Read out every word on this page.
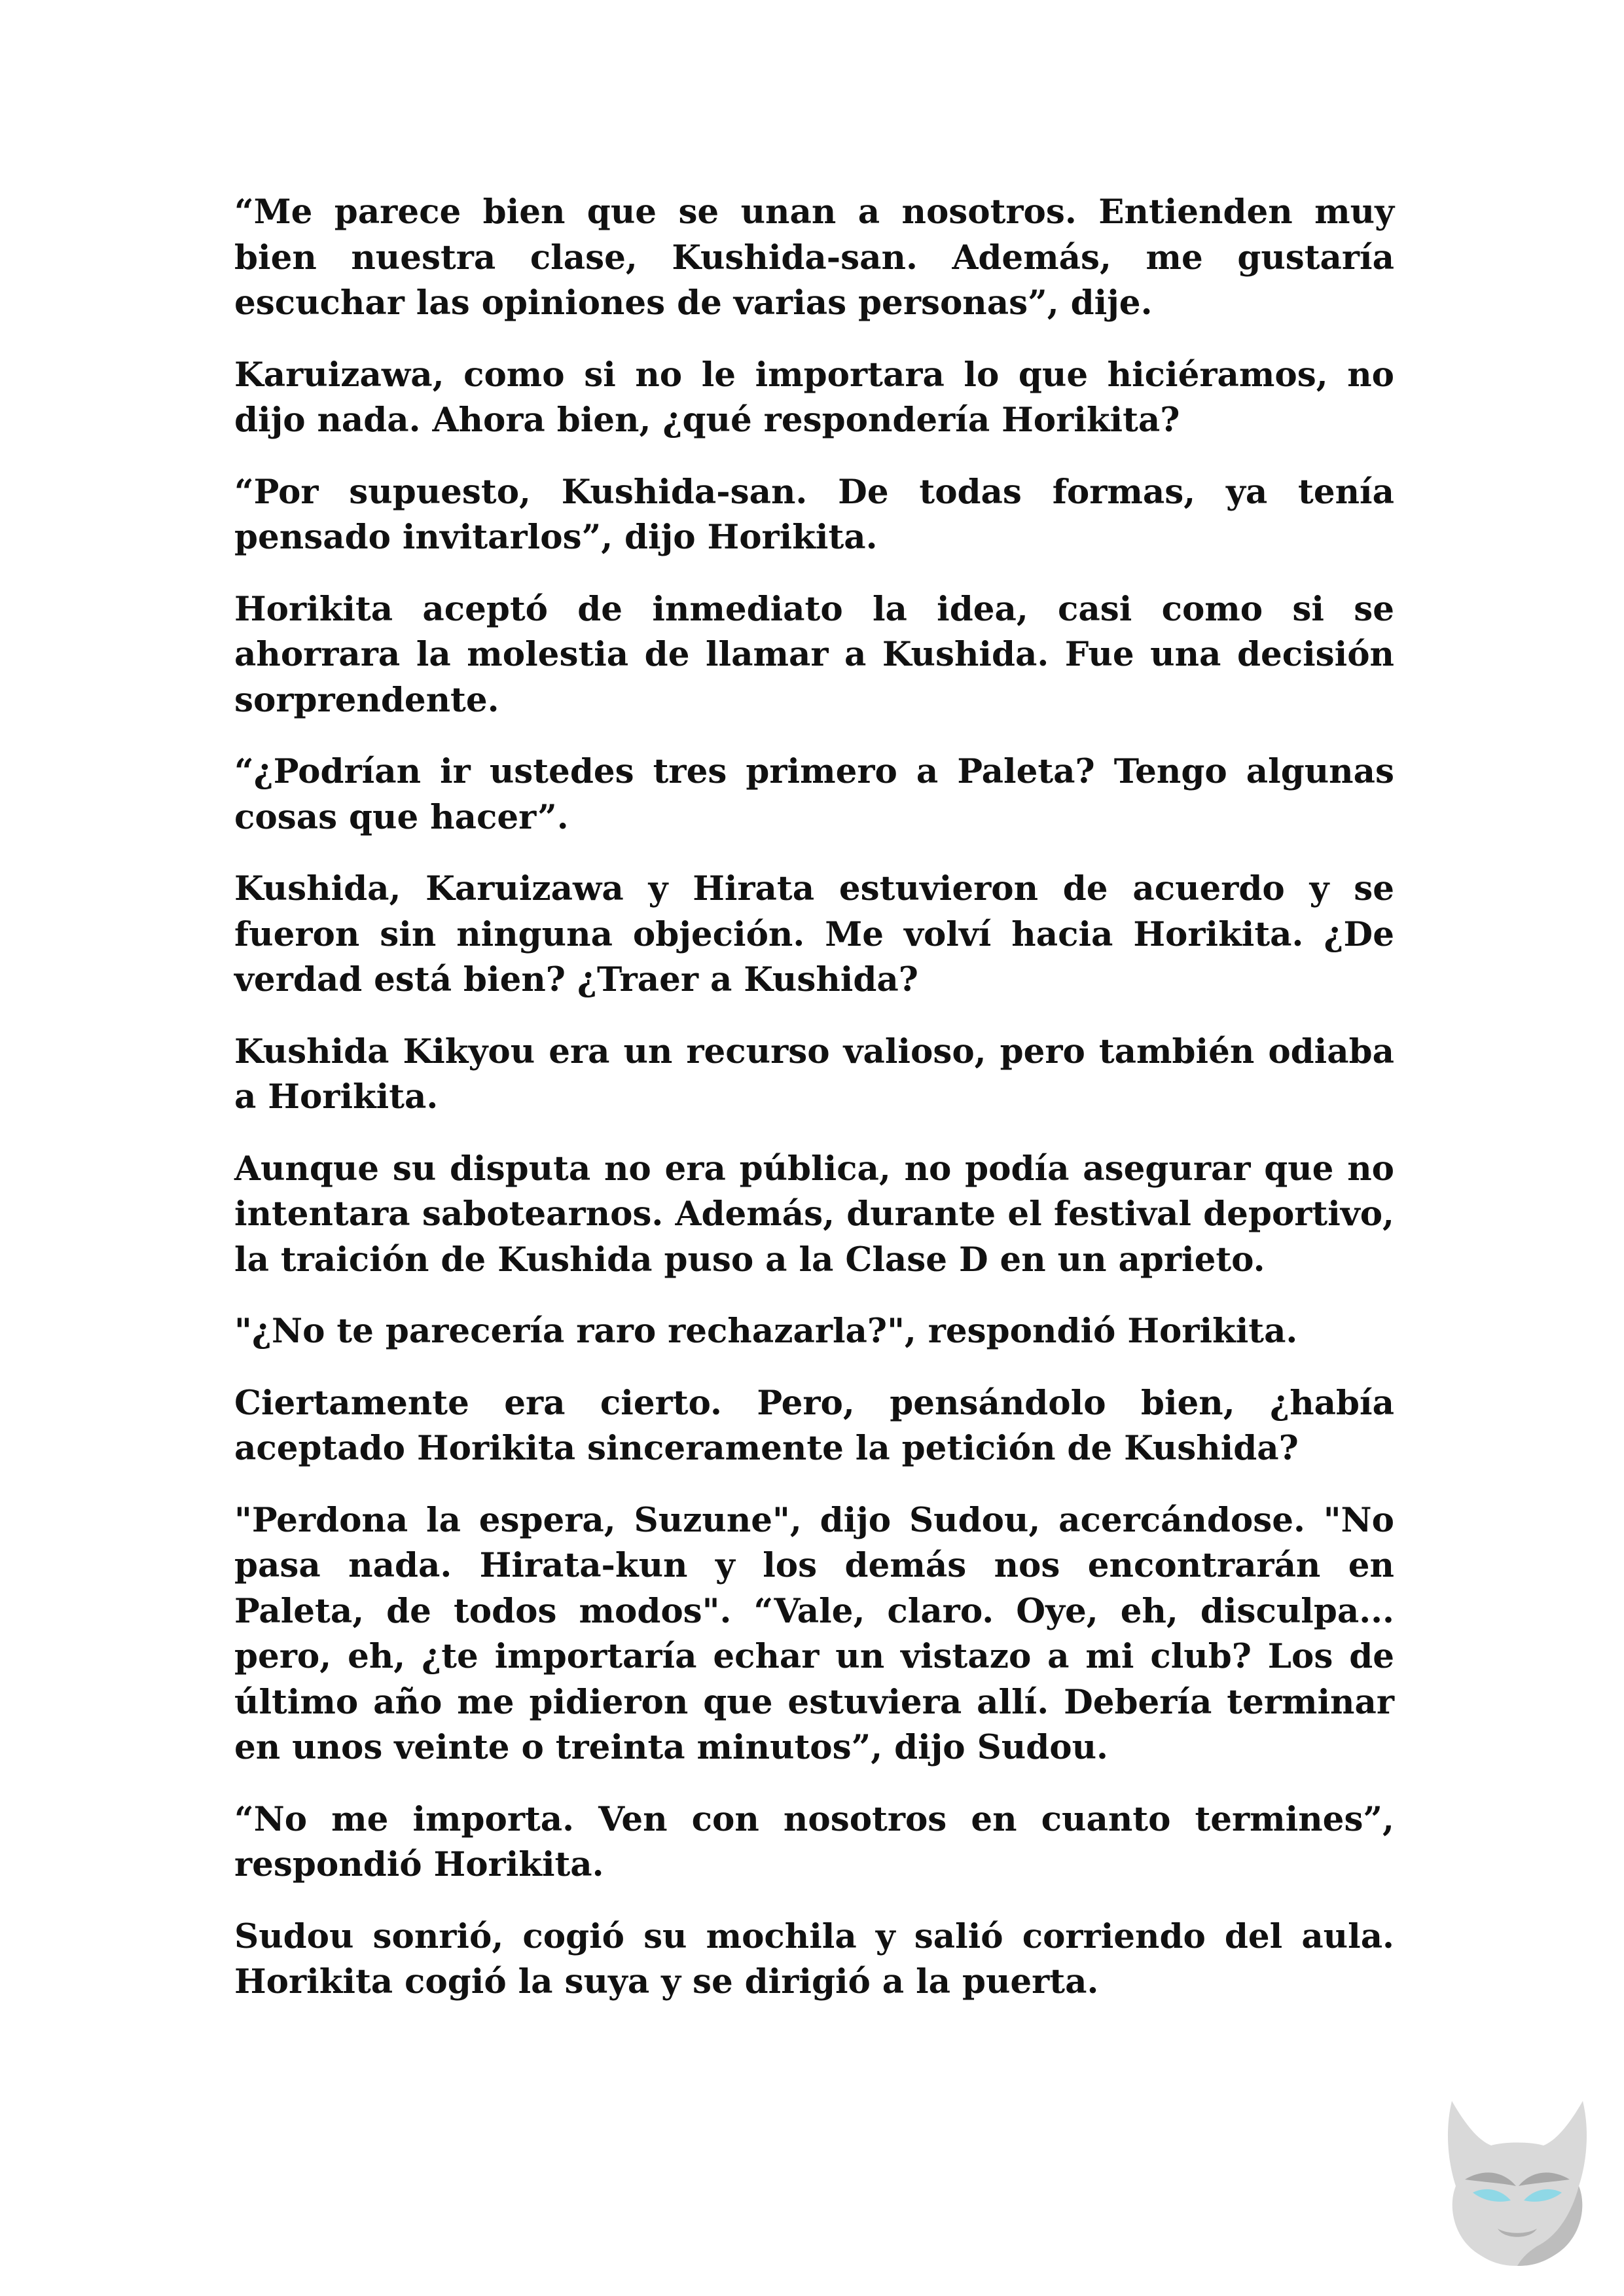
“Me parece bien que se unan a nosotros. Entienden muy bien nuestra clase, Kushida-san. Además, me gustaría escuchar las opiniones de varias personas”, dije.

Karuizawa, como si no le importara lo que hiciéramos, no dijo nada. Ahora bien, ¿qué respondería Horikita?

“Por supuesto, Kushida-san. De todas formas, ya tenía pensado invitarlos”, dijo Horikita.

Horikita aceptó de inmediato la idea, casi como si se ahorrara la molestia de llamar a Kushida. Fue una decisión sorprendente.

“¿Podrían ir ustedes tres primero a Paleta? Tengo algunas cosas que hacer”.

Kushida, Karuizawa y Hirata estuvieron de acuerdo y se fueron sin ninguna objeción. Me volví hacia Horikita. ¿De verdad está bien? ¿Traer a Kushida?

Kushida Kikyou era un recurso valioso, pero también odiaba a Horikita.

Aunque su disputa no era pública, no podía asegurar que no intentara sabotearnos. Además, durante el festival deportivo, la traición de Kushida puso a la Clase D en un aprieto.

"¿No te parecería raro rechazarla?", respondió Horikita.

Ciertamente era cierto. Pero, pensándolo bien, ¿había aceptado Horikita sinceramente la petición de Kushida?

"Perdona la espera, Suzune", dijo Sudou, acercándose. "No pasa nada. Hirata-kun y los demás nos encontrarán en Paleta, de todos modos". “Vale, claro. Oye, eh, disculpa... pero, eh, ¿te importaría echar un vistazo a mi club? Los de último año me pidieron que estuviera allí. Debería terminar en unos veinte o treinta minutos”, dijo Sudou.

“No me importa. Ven con nosotros en cuanto termines”, respondió Horikita.

Sudou sonrió, cogió su mochila y salió corriendo del aula. Horikita cogió la suya y se dirigió a la puerta.
